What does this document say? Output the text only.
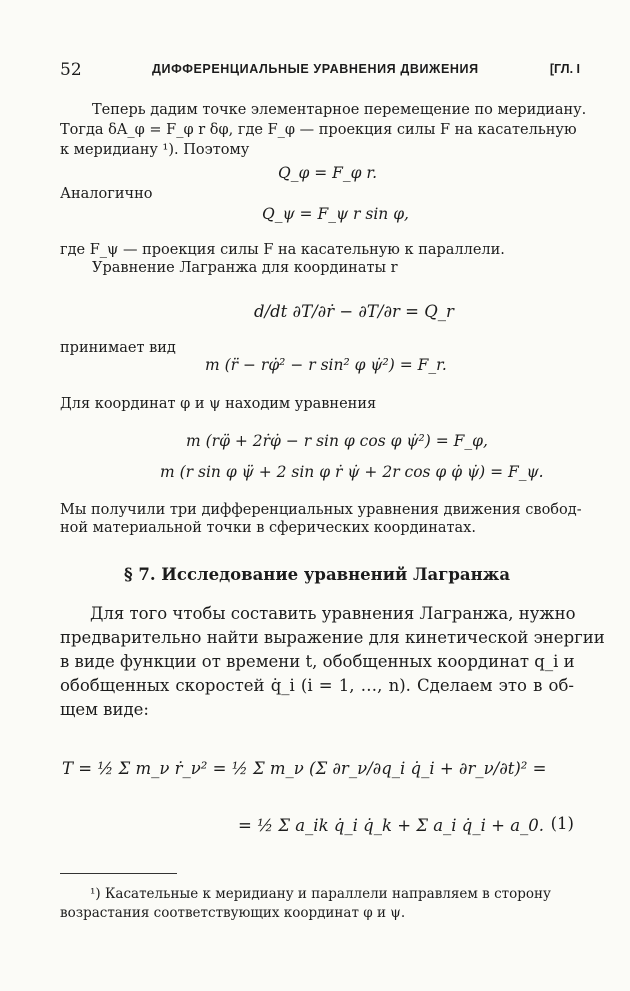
52	ДИФФЕРЕНЦИАЛЬНЫЕ УРАВНЕНИЯ ДВИЖЕНИЯ	[ГЛ. I
Теперь дадим точке элементарное перемещение по меридиану.
Тогда δA_φ = F_φ r δφ, где F_φ — проекция силы F на касательную
к меридиану ¹). Поэтому
Q_φ = F_φ r.
Аналогично
Q_ψ = F_ψ r sin φ,
где F_ψ — проекция силы F на касательную к параллели.
Уравнение Лагранжа для координаты r
d/dt ∂T/∂ṙ − ∂T/∂r = Q_r
принимает вид
m (r̈ − rφ̇² − r sin² φ ψ̇²) = F_r.
Для координат φ и ψ находим уравнения
m (rφ̈ + 2ṙφ̇ − r sin φ cos φ ψ̇²) = F_φ,
m (r sin φ ψ̈ + 2 sin φ ṙ ψ̇ + 2r cos φ φ̇ ψ̇) = F_ψ.
Мы получили три дифференциальных уравнения движения свобод-
ной материальной точки в сферических координатах.
§ 7. Исследование уравнений Лагранжа
Для того чтобы составить уравнения Лагранжа, нужно
предварительно найти выражение для кинетической энергии
в виде функции от времени t, обобщенных координат q_i и
обобщенных скоростей q̇_i (i = 1, …, n). Сделаем это в об-
щем виде:
T = ½ Σ m_ν ṙ_ν² = ½ Σ m_ν (Σ ∂r_ν/∂q_i q̇_i + ∂r_ν/∂t)² =
= ½ Σ a_ik q̇_i q̇_k + Σ a_i q̇_i + a_0. (1)
¹) Касательные к меридиану и параллели направляем в сторону
возрастания соответствующих координат φ и ψ.
